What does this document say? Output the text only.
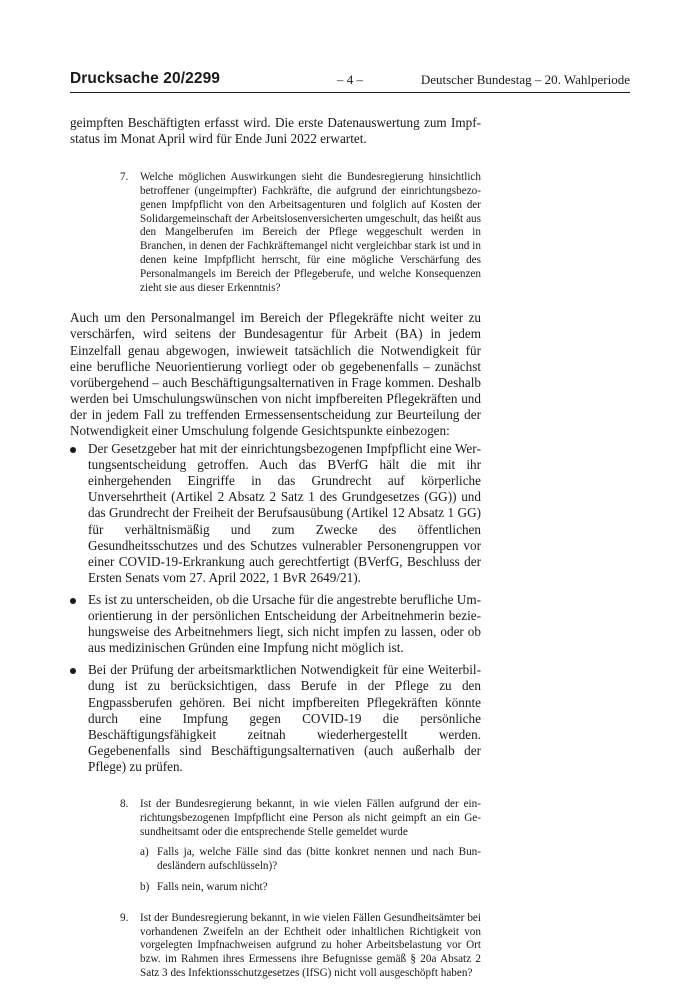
Drucksache 20/2299	– 4 –	Deutscher Bundestag – 20. Wahlperiode

geimpften Beschäftigten erfasst wird. Die erste Datenauswertung zum Impfstatus im Monat April wird für Ende Juni 2022 erwartet.

7. Welche möglichen Auswirkungen sieht die Bundesregierung hinsichtlich betroffener (ungeimpfter) Fachkräfte, die aufgrund der einrichtungsbezogenen Impfpflicht von den Arbeitsagenturen und folglich auf Kosten der Solidargemeinschaft der Arbeitslosenversicherten umgeschult, das heißt aus den Mangelberufen im Bereich der Pflege weggeschult werden in Branchen, in denen der Fachkräftemangel nicht vergleichbar stark ist und in denen keine Impfpflicht herrscht, für eine mögliche Verschärfung des Personalmangels im Bereich der Pflegeberufe, und welche Konsequenzen zieht sie aus dieser Erkenntnis?

Auch um den Personalmangel im Bereich der Pflegekräfte nicht weiter zu verschärfen, wird seitens der Bundesagentur für Arbeit (BA) in jedem Einzelfall genau abgewogen, inwieweit tatsächlich die Notwendigkeit für eine berufliche Neuorientierung vorliegt oder ob gegebenenfalls – zunächst vorübergehend – auch Beschäftigungsalternativen in Frage kommen. Deshalb werden bei Umschulungswünschen von nicht impfbereiten Pflegekräften und der in jedem Fall zu treffenden Ermessensentscheidung zur Beurteilung der Notwendigkeit einer Umschulung folgende Gesichtspunkte einbezogen:

Der Gesetzgeber hat mit der einrichtungsbezogenen Impfpflicht eine Wertungsentscheidung getroffen. Auch das BVerfG hält die mit ihr einhergehenden Eingriffe in das Grundrecht auf körperliche Unversehrtheit (Artikel 2 Absatz 2 Satz 1 des Grundgesetzes (GG)) und das Grundrecht der Freiheit der Berufsausübung (Artikel 12 Absatz 1 GG) für verhältnismäßig und zum Zwecke des öffentlichen Gesundheitsschutzes und des Schutzes vulnerabler Personengruppen vor einer COVID-19-Erkrankung auch gerechtfertigt (BVerfG, Beschluss der Ersten Senats vom 27. April 2022, 1 BvR 2649/21).
Es ist zu unterscheiden, ob die Ursache für die angestrebte berufliche Umorientierung in der persönlichen Entscheidung der Arbeitnehmerin beziehungsweise des Arbeitnehmers liegt, sich nicht impfen zu lassen, oder ob aus medizinischen Gründen eine Impfung nicht möglich ist.
Bei der Prüfung der arbeitsmarktlichen Notwendigkeit für eine Weiterbildung ist zu berücksichtigen, dass Berufe in der Pflege zu den Engpassberufen gehören. Bei nicht impfbereiten Pflegekräften könnte durch eine Impfung gegen COVID-19 die persönliche Beschäftigungsfähigkeit zeitnah wiederhergestellt werden. Gegebenenfalls sind Beschäftigungsalternativen (auch außerhalb der Pflege) zu prüfen.
8. Ist der Bundesregierung bekannt, in wie vielen Fällen aufgrund der einrichtungsbezogenen Impfpflicht eine Person als nicht geimpft an ein Gesundheitsamt oder die entsprechende Stelle gemeldet wurde
a) Falls ja, welche Fälle sind das (bitte konkret nennen und nach Bundesländern aufschlüsseln)?
b) Falls nein, warum nicht?
9. Ist der Bundesregierung bekannt, in wie vielen Fällen Gesundheitsämter bei vorhandenen Zweifeln an der Echtheit oder inhaltlichen Richtigkeit von vorgelegten Impfnachweisen aufgrund zu hoher Arbeitsbelastung vor Ort bzw. im Rahmen ihres Ermessens ihre Befugnisse gemäß § 20a Absatz 2 Satz 3 des Infektionsschutzgesetzes (IfSG) nicht voll ausgeschöpft haben?
